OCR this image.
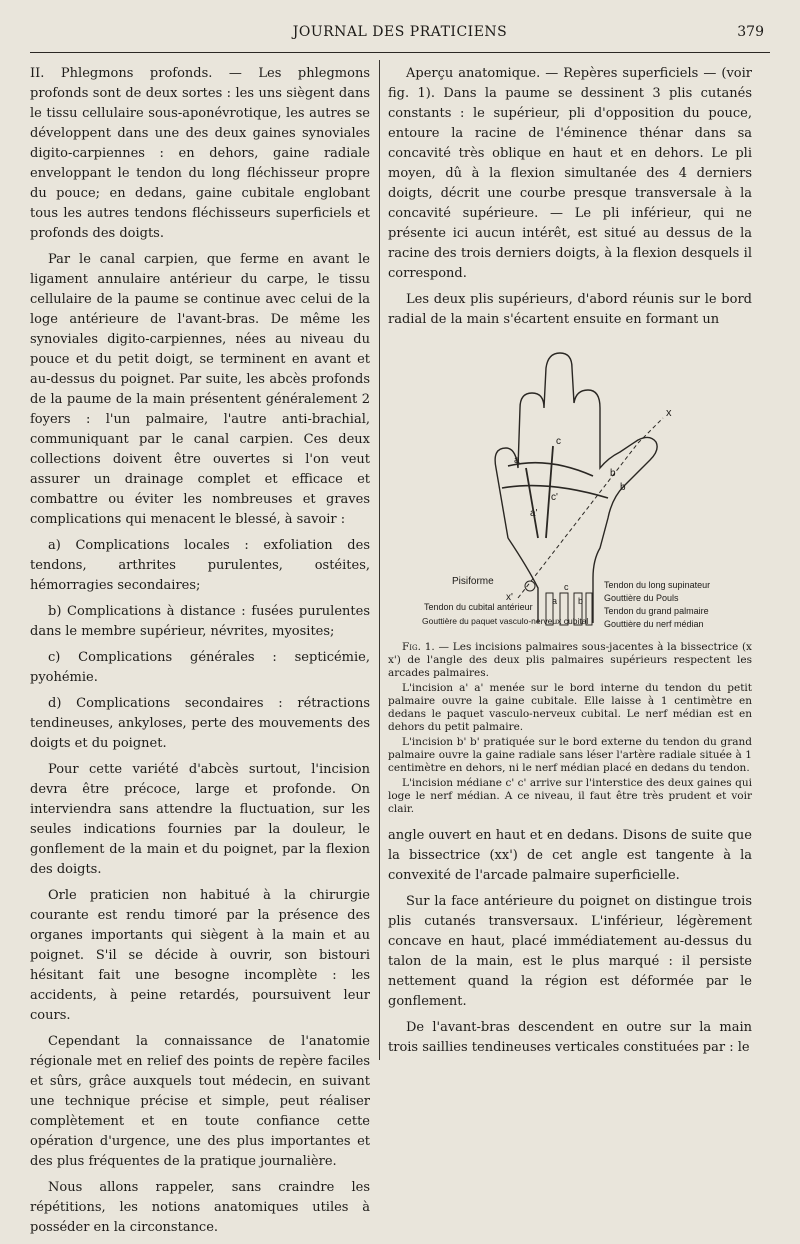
JOURNAL DES PRATICIENS	379

II. Phlegmons profonds. — Les phlegmons profonds sont de deux sortes : les uns siègent dans le tissu cellulaire sous-aponévrotique, les autres se développent dans une des deux gaines synoviales digito-carpiennes : en dehors, gaine radiale enveloppant le tendon du long fléchisseur propre du pouce; en dedans, gaine cubitale englobant tous les autres tendons fléchisseurs superficiels et profonds des doigts.

Par le canal carpien, que ferme en avant le ligament annulaire antérieur du carpe, le tissu cellulaire de la paume se continue avec celui de la loge antérieure de l'avant-bras. De même les synoviales digito-carpiennes, nées au niveau du pouce et du petit doigt, se terminent en avant et au-dessus du poignet. Par suite, les abcès profonds de la paume de la main présentent généralement 2 foyers : l'un palmaire, l'autre anti-brachial, communiquant par le canal carpien. Ces deux collections doivent être ouvertes si l'on veut assurer un drainage complet et efficace et combattre ou éviter les nombreuses et graves complications qui menacent le blessé, à savoir :

a) Complications locales : exfoliation des tendons, arthrites purulentes, ostéites, hémorragies secondaires;

b) Complications à distance : fusées purulentes dans le membre supérieur, névrites, myosites;

c) Complications générales : septicémie, pyohémie.

d) Complications secondaires : rétractions tendineuses, ankyloses, perte des mouvements des doigts et du poignet.

Pour cette variété d'abcès surtout, l'incision devra être précoce, large et profonde. On interviendra sans attendre la fluctuation, sur les seules indications fournies par la douleur, le gonflement de la main et du poignet, par la flexion des doigts.

Orle praticien non habitué à la chirurgie courante est rendu timoré par la présence des organes importants qui siègent à la main et au poignet. S'il se décide à ouvrir, son bistouri hésitant fait une besogne incomplète : les accidents, à peine retardés, poursuivent leur cours.

Cependant la connaissance de l'anatomie régionale met en relief des points de repère faciles et sûrs, grâce auxquels tout médecin, en suivant une technique précise et simple, peut réaliser complètement et en toute confiance cette opération d'urgence, une des plus importantes et des plus fréquentes de la pratique journalière.

Nous allons rappeler, sans craindre les répétitions, les notions anatomiques utiles à posséder en la circonstance.

Aperçu anatomique. — Repères superficiels — (voir fig. 1). Dans la paume se dessinent 3 plis cutanés constants : le supérieur, pli d'opposition du pouce, entoure la racine de l'éminence thénar dans sa concavité très oblique en haut et en dehors. Le pli moyen, dû à la flexion simultanée des 4 derniers doigts, décrit une courbe presque transversale à la concavité supérieure. — Le pli inférieur, qui ne présente ici aucun intérêt, est situé au dessus de la racine des trois derniers doigts, à la flexion desquels il correspond.

Les deux plis supérieurs, d'abord réunis sur le bord radial de la main s'écartent ensuite en formant un

x
a
c
b
b
c'
a'
Pisiforme
x'
Tendon du cubital antérieur
Gouttière du paquet vasculo-nerveux cubital
Tendon du long supinateur
Gouttière du Pouls
Tendon du grand palmaire
Gouttière du nerf médian
a
c
b

Fig. 1. — Les incisions palmaires sous-jacentes à la bissectrice (x x') de l'angle des deux plis palmaires supérieurs respectent les arcades palmaires.

L'incision a' a' menée sur le bord interne du tendon du petit palmaire ouvre la gaine cubitale. Elle laisse à 1 centimètre en dedans le paquet vasculo-nerveux cubital. Le nerf médian est en dehors du petit palmaire.

L'incision b' b' pratiquée sur le bord externe du tendon du grand palmaire ouvre la gaine radiale sans léser l'artère radiale située à 1 centimètre en dehors, ni le nerf médian placé en dedans du tendon.

L'incision médiane c' c' arrive sur l'interstice des deux gaines qui loge le nerf médian. A ce niveau, il faut être très prudent et voir clair.

angle ouvert en haut et en dedans. Disons de suite que la bissectrice (xx') de cet angle est tangente à la convexité de l'arcade palmaire superficielle.

Sur la face antérieure du poignet on distingue trois plis cutanés transversaux. L'inférieur, légèrement concave en haut, placé immédiatement au-dessus du talon de la main, est le plus marqué : il persiste nettement quand la région est déformée par le gonflement.

De l'avant-bras descendent en outre sur la main trois saillies tendineuses verticales constituées par : le
